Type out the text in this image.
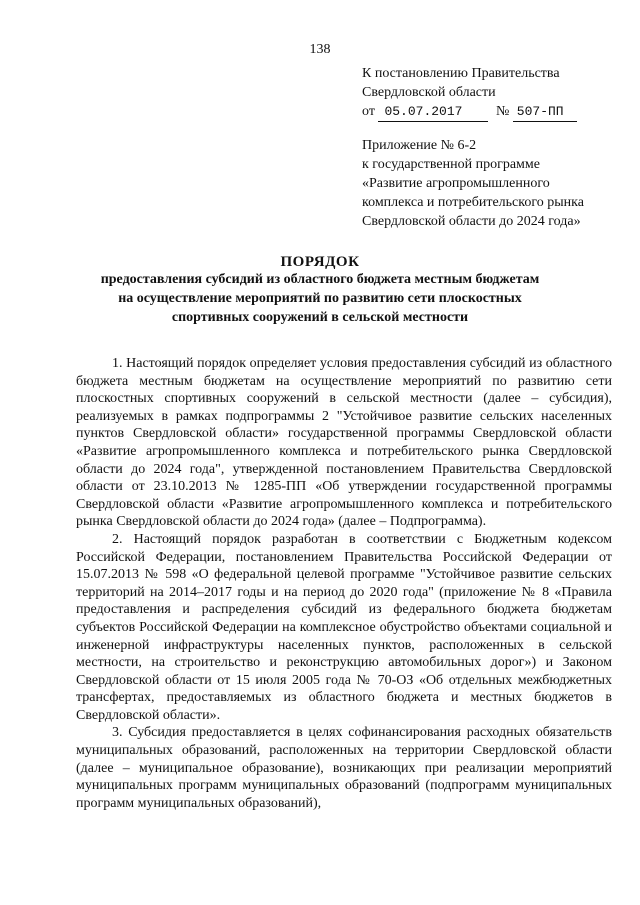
138
К постановлению Правительства
Свердловской области
от 05.07.2017 № 507-ПП
Приложение № 6-2
к государственной программе
«Развитие агропромышленного
комплекса и потребительского рынка
Свердловской области до 2024 года»
ПОРЯДОК
предоставления субсидий из областного бюджета местным бюджетам
на осуществление мероприятий по развитию сети плоскостных
спортивных сооружений в сельской местности

1. Настоящий порядок определяет условия предоставления субсидий из областного бюджета местным бюджетам на осуществление мероприятий по развитию сети плоскостных спортивных сооружений в сельской местности (далее – субсидия), реализуемых в рамках подпрограммы 2 "Устойчивое развитие сельских населенных пунктов Свердловской области» государственной программы Свердловской области «Развитие агропромышленного комплекса и потребительского рынка Свердловской области до 2024 года", утвержденной постановлением Правительства Свердловской области от 23.10.2013 № 1285-ПП «Об утверждении государственной программы Свердловской области «Развитие агропромышленного комплекса и потребительского рынка Свердловской области до 2024 года» (далее – Подпрограмма).

2. Настоящий порядок разработан в соответствии с Бюджетным кодексом Российской Федерации, постановлением Правительства Российской Федерации от 15.07.2013 № 598 «О федеральной целевой программе "Устойчивое развитие сельских территорий на 2014–2017 годы и на период до 2020 года" (приложение № 8 «Правила предоставления и распределения субсидий из федерального бюджета бюджетам субъектов Российской Федерации на комплексное обустройство объектами социальной и инженерной инфраструктуры населенных пунктов, расположенных в сельской местности, на строительство и реконструкцию автомобильных дорог») и Законом Свердловской области от 15 июля 2005 года № 70-ОЗ «Об отдельных межбюджетных трансфертах, предоставляемых из областного бюджета и местных бюджетов в Свердловской области».

3. Субсидия предоставляется в целях софинансирования расходных обязательств муниципальных образований, расположенных на территории Свердловской области (далее – муниципальное образование), возникающих при реализации мероприятий муниципальных программ муниципальных образований (подпрограмм муниципальных программ муниципальных образований),
